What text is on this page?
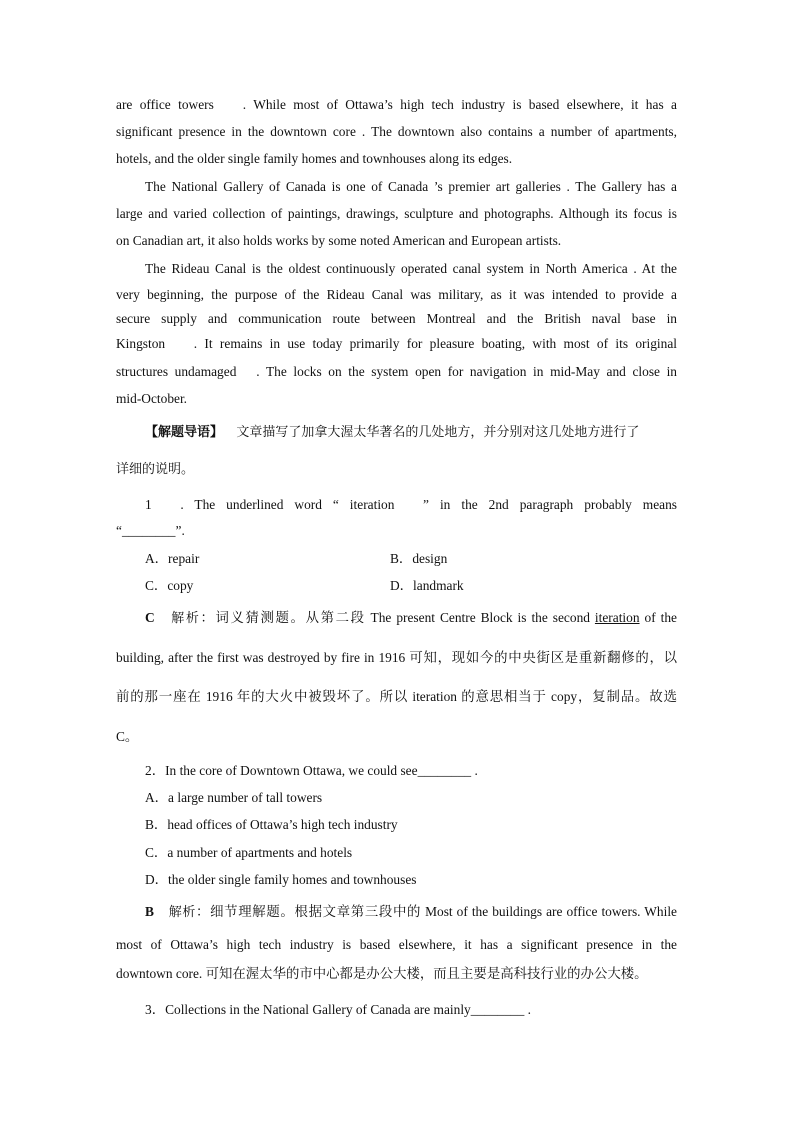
are office towers　 . While most of Ottawa’s high tech industry is based elsewhere, it has a

significant presence in the downtown core . The downtown also contains a number of apartments,

hotels, and the older single family homes and townhouses along its edges.

The National Gallery of Canada is one of Canada ’s premier art galleries . The Gallery has a

large and varied collection of paintings, drawings, sculpture and photographs. Although its focus is

on Canadian art, it also holds works by some noted American and European artists.

The Rideau Canal is the oldest continuously operated canal system in North America . At the

very beginning, the purpose of the Rideau Canal was military, as it was intended to provide a

secure supply and communication route between Montreal and the British naval base in

Kingston　 . It remains in use today primarily for pleasure boating, with most of its original

structures undamaged　. The locks on the system open for navigation in mid-May and close in

mid-October.

【解题导语】 文章描写了加拿大渥太华著名的几处地方，并分别对这几处地方进行了

详细的说明。

1　. The underlined word “ iteration　” in the 2nd paragraph probably means

“________”.

A．repair	B．design

C．copy	D．landmark

C　 解析：词义猜测题。从第二段 The present Centre Block is the second iteration of the

building, after the first was destroyed by fire in 1916 可知，现如今的中央街区是重新翻修的，以

前的那一座在 1916 年的大火中被毁坏了。所以 iteration 的意思相当于 copy，复制品。故选

C。

2．In the core of Downtown Ottawa, we could see________ .

A．a large number of tall towers

B．head offices of Ottawa’s high tech industry

C．a number of apartments and hotels

D．the older single family homes and townhouses

B　 解析：细节理解题。根据文章第三段中的 Most of the buildings are office towers. While

most of Ottawa’s high tech industry is based elsewhere, it has a significant presence in the

downtown core. 可知在渥太华的市中心都是办公大楼，而且主要是高科技行业的办公大楼。

3．Collections in the National Gallery of Canada are mainly________ .
